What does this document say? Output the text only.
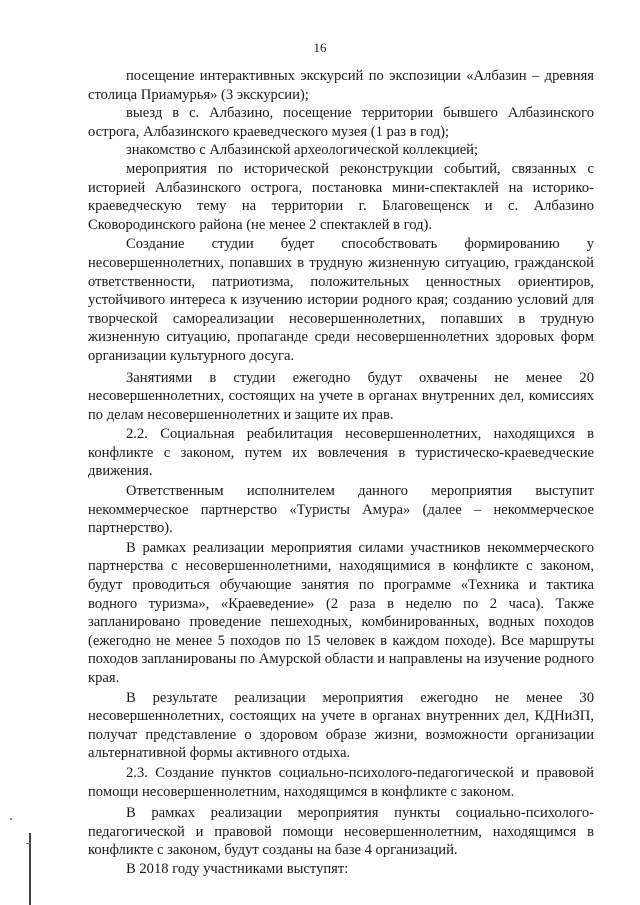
16

посещение интерактивных экскурсий по экспозиции «Албазин – древняя столица Приамурья» (3 экскурсии);

выезд в с. Албазино, посещение территории бывшего Албазинского острога, Албазинского краеведческого музея (1 раз в год);

знакомство с Албазинской археологической коллекцией;

мероприятия по исторической реконструкции событий, связанных с историей Албазинского острога, постановка мини-спектаклей на историко-краеведческую тему на территории г. Благовещенск и с. Албазино Сковородинского района (не менее 2 спектаклей в год).

Создание студии будет способствовать формированию у несовершеннолетних, попавших в трудную жизненную ситуацию, гражданской ответственности, патриотизма, положительных ценностных ориентиров, устойчивого интереса к изучению истории родного края; созданию условий для творческой самореализации несовершеннолетних, попавших в трудную жизненную ситуацию, пропаганде среди несовершеннолетних здоровых форм организации культурного досуга.

Занятиями в студии ежегодно будут охвачены не менее 20 несовершеннолетних, состоящих на учете в органах внутренних дел, комиссиях по делам несовершеннолетних и защите их прав.

2.2. Социальная реабилитация несовершеннолетних, находящихся в конфликте с законом, путем их вовлечения в туристическо-краеведческие движения.

Ответственным исполнителем данного мероприятия выступит некоммерческое партнерство «Туристы Амура» (далее – некоммерческое партнерство).

В рамках реализации мероприятия силами участников некоммерческого партнерства с несовершеннолетними, находящимися в конфликте с законом, будут проводиться обучающие занятия по программе «Техника и тактика водного туризма», «Краеведение» (2 раза в неделю по 2 часа). Также запланировано проведение пешеходных, комбинированных, водных походов (ежегодно не менее 5 походов по 15 человек в каждом походе). Все маршруты походов запланированы по Амурской области и направлены на изучение родного края.

В результате реализации мероприятия ежегодно не менее 30 несовершеннолетних, состоящих на учете в органах внутренних дел, КДНиЗП, получат представление о здоровом образе жизни, возможности организации альтернативной формы активного отдыха.

2.3. Создание пунктов социально-психолого-педагогической и правовой помощи несовершеннолетним, находящимся в конфликте с законом.

В рамках реализации мероприятия пункты социально-психолого-педагогической и правовой помощи несовершеннолетним, находящимся в конфликте с законом, будут созданы на базе 4 организаций.

В 2018 году участниками выступят:
